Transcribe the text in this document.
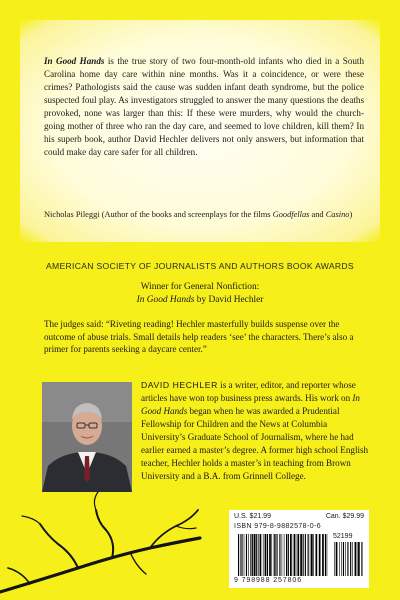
In Good Hands is the true story of two four-month-old infants who died in a South Carolina home day care within nine months. Was it a coincidence, or were these crimes? Pathologists said the cause was sudden infant death syndrome, but the police suspected foul play. As investigators struggled to answer the many questions the deaths provoked, none was larger than this: If these were murders, why would the church-going mother of three who ran the day care, and seemed to love children, kill them? In his superb book, author David Hechler delivers not only answers, but information that could make day care safer for all children.

Nicholas Pileggi (Author of the books and screenplays for the films Goodfellas and Casino)

AMERICAN SOCIETY OF JOURNALISTS AND AUTHORS BOOK AWARDS

Winner for General Nonfiction:
In Good Hands by David Hechler

The judges said: “Riveting reading! Hechler masterfully builds suspense over the outcome of abuse trials. Small details help readers ‘see’ the characters. There’s also a primer for parents seeking a daycare center.”

DAVID HECHLER is a writer, editor, and reporter whose articles have won top business press awards. His work on In Good Hands began when he was awarded a Prudential Fellowship for Children and the News at Columbia University’s Graduate School of Journalism, where he had earlier earned a master’s degree. A former high school English teacher, Hechler holds a master’s in teaching from Brown University and a B.A. from Grinnell College.

U.S. $21.99	Can. $29.99
ISBN 979-8-9882578-0-6
52199
9 798988 257806
